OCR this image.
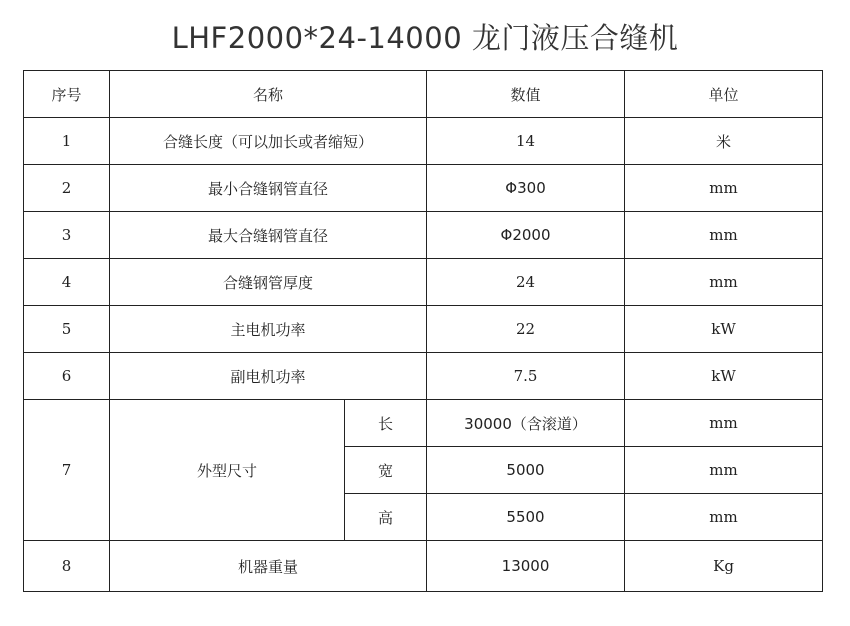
LHF2000*24-14000 龙门液压合缝机
序号	名称		数值	单位
1	合缝长度（可以加长或者缩短）		14	米
2	最小合缝钢管直径		Φ300	mm
3	最大合缝钢管直径		Φ2000	mm
4	合缝钢管厚度		24	mm
5	主电机功率		22	kW
6	副电机功率		7.5	kW
7	外型尺寸	长	30000（含滚道）	mm
		宽	5000	mm
		高	5500	mm
8	机器重量		13000	Kg
